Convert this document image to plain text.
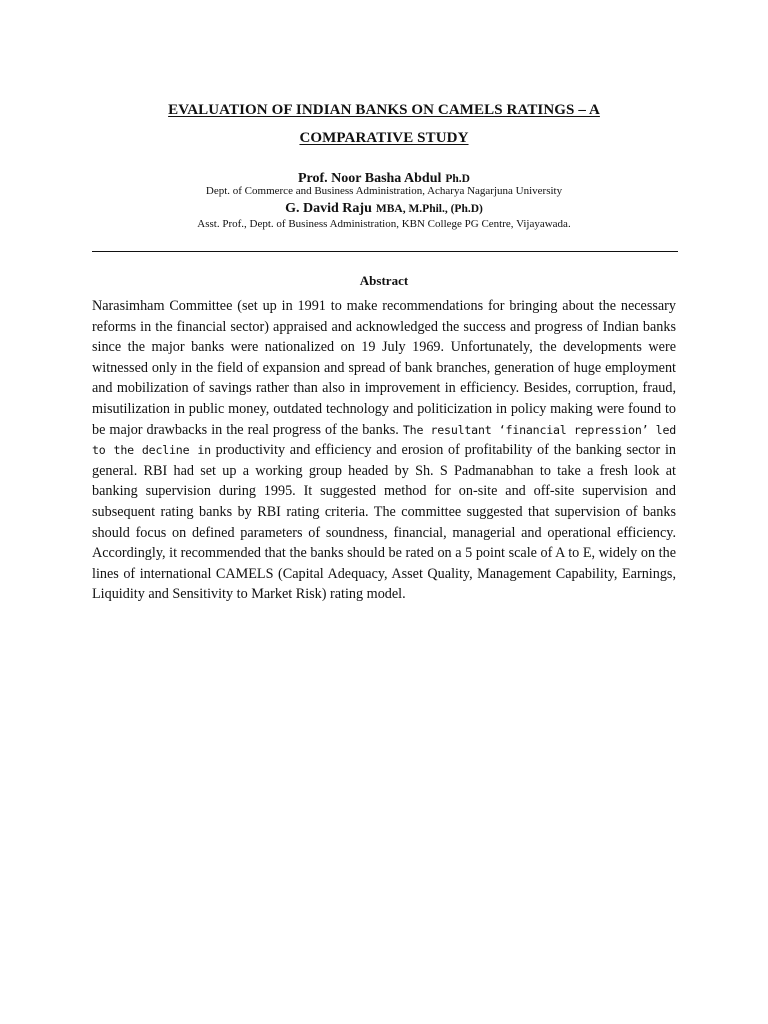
EVALUATION OF INDIAN BANKS ON CAMELS RATINGS – A
COMPARATIVE STUDY

Prof. Noor Basha Abdul Ph.D

Dept. of Commerce and Business Administration, Acharya Nagarjuna University

G. David Raju MBA, M.Phil., (Ph.D)

Asst. Prof., Dept. of Business Administration, KBN College PG Centre, Vijayawada.

Abstract

Narasimham Committee (set up in 1991 to make recommendations for bringing about the necessary reforms in the financial sector) appraised and acknowledged the success and progress of Indian banks since the major banks were nationalized on 19 July 1969. Unfortunately, the developments were witnessed only in the field of expansion and spread of bank branches, generation of huge employment and mobilization of savings rather than also in improvement in efficiency. Besides, corruption, fraud, misutilization in public money, outdated technology and politicization in policy making were found to be major drawbacks in the real progress of the banks. The resultant ‘financial repression’ led to the decline in productivity and efficiency and erosion of profitability of the banking sector in general. RBI had set up a working group headed by Sh. S Padmanabhan to take a fresh look at banking supervision during 1995. It suggested method for on-site and off-site supervision and subsequent rating banks by RBI rating criteria. The committee suggested that supervision of banks should focus on defined parameters of soundness, financial, managerial and operational efficiency. Accordingly, it recommended that the banks should be rated on a 5 point scale of A to E, widely on the lines of international CAMELS (Capital Adequacy, Asset Quality, Management Capability, Earnings, Liquidity and Sensitivity to Market Risk) rating model.
